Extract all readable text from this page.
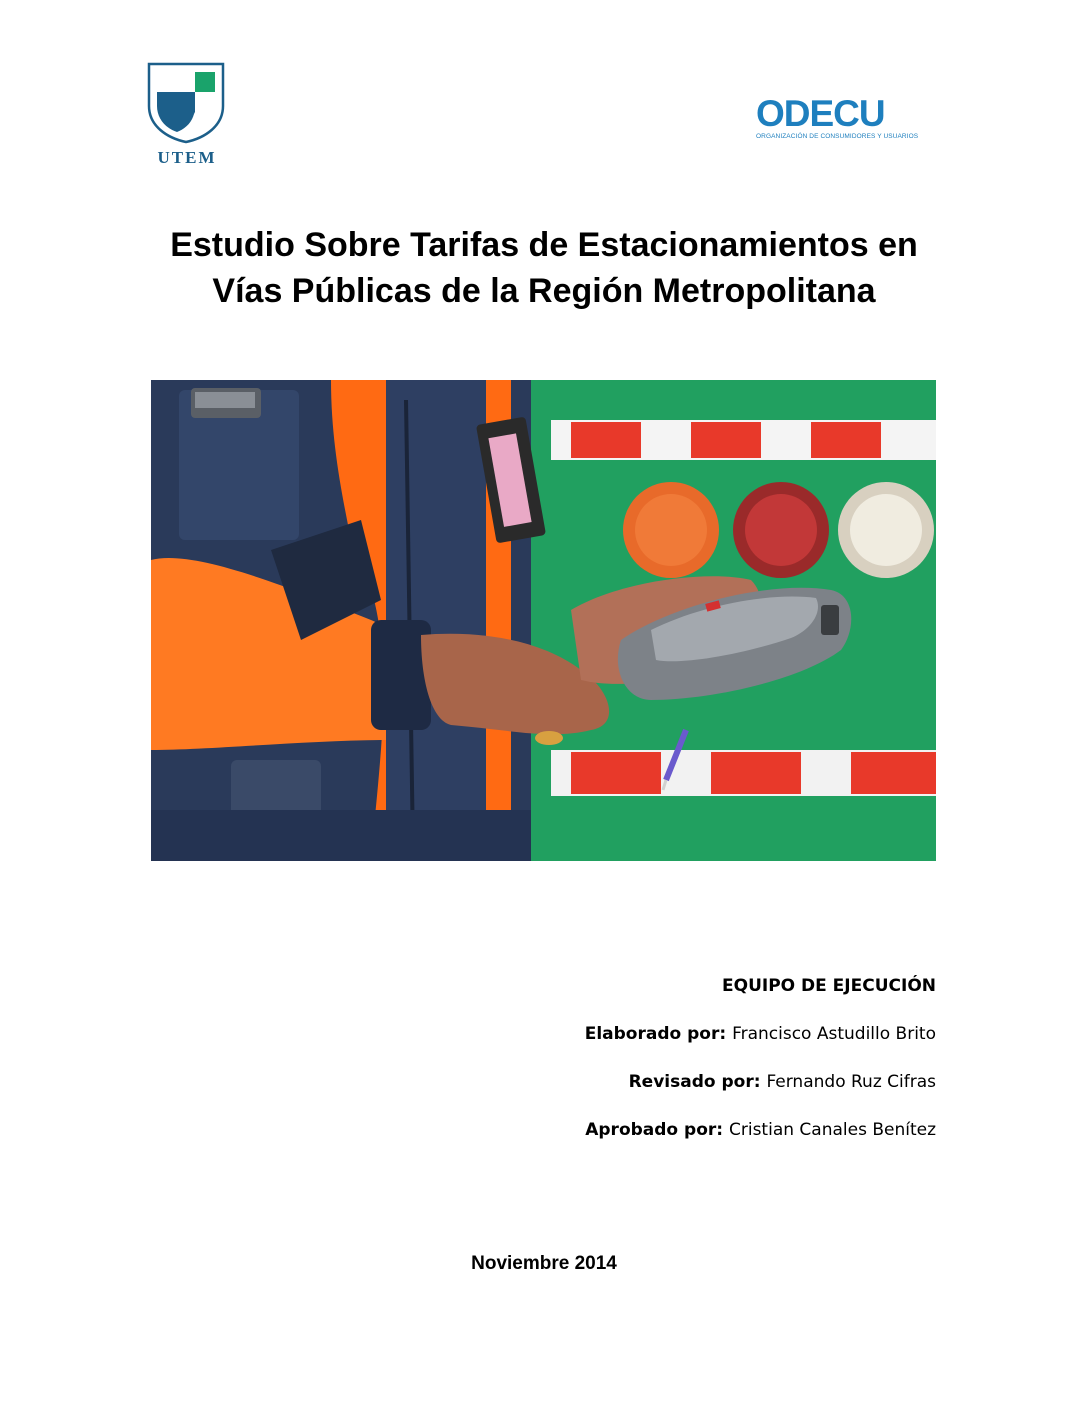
UTEM
ODECU
ORGANIZACIÓN DE CONSUMIDORES Y USUARIOS
Estudio Sobre Tarifas de Estacionamientos en
Vías Públicas de la Región Metropolitana
EQUIPO DE EJECUCIÓN
Elaborado por: Francisco Astudillo Brito
Revisado por: Fernando Ruz Cifras
Aprobado por: Cristian Canales Benítez
Noviembre 2014
